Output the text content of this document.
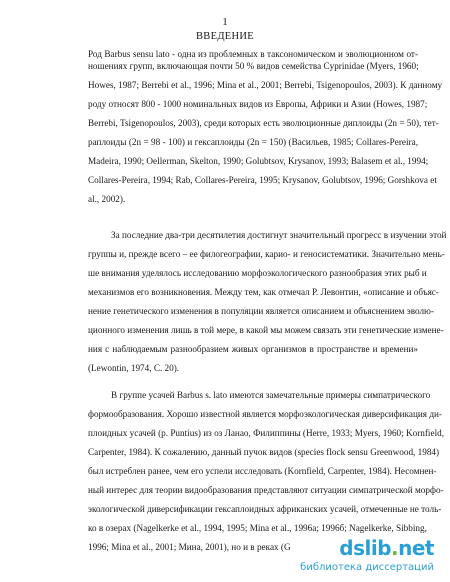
1
ВВЕДЕНИЕ
Род Barbus sensu lato - одна из проблемных в таксономическом и эволюционном от-
ношениях групп, включающая почти 50 % видов семейства Cyprinidae (Myers, 1960;
Howes, 1987; Berrebi et al., 1996; Mina et al., 2001; Berrebi, Tsigenopoulos, 2003). К данному
роду относят 800 - 1000 номинальных видов из Европы, Африки и Азии (Howes, 1987;
Berrebi, Tsigenopoulos, 2003), среди которых есть эволюционные диплоиды (2n = 50), тет-
раплоиды (2n = 98 - 100) и гексаплоиды (2n = 150) (Васильев, 1985; Collares-Pereira,
Madeira, 1990; Oellerman, Skelton, 1990; Golubtsov, Krysanov, 1993; Balasem et al., 1994;
Collares-Pereira, 1994; Rab, Collares-Pereira, 1995; Krysanov, Golubtsov, 1996; Gorshkova et
al., 2002).
За последние два-три десятилетия достигнут значительный прогресс в изучении этой
группы и, прежде всего – ее филогеографии, карио- и геносистематики. Значительно мень-
ше внимания уделялось исследованию морфоэкологического разнообразия этих рыб и
механизмов его возникновения. Между тем, как отмечал Р. Левонтин, «описание и объяс-
нение генетического изменения в популяции является описанием и объяснением эволю-
ционного изменения лишь в той мере, в какой мы можем связать эти генетические измене-
ния с наблюдаемым разнообразием живых организмов в пространстве и времени»
(Lewontin, 1974, С. 20).
В группе усачей Barbus s. lato имеются замечательные примеры симпатрического
формообразования. Хорошо известной является морфоэкологическая диверсификация ди-
плоидных усачей (р. Puntius) из оз Ланао, Филиппины (Herre, 1933; Myers, 1960; Kornfield,
Carpenter, 1984). К сожалению, данный пучок видов (species flock sensu Greenwood, 1984)
был истреблен ранее, чем его успели исследовать (Kornfield, Carpenter, 1984). Несомнен-
ный интерес для теории видообразования представляют ситуации симпатрической морфо-
экологической диверсификации гексаплоидных африканских усачей, отмеченные не толь-
ко в озерах (Nagelkerke et al., 1994, 1995; Mina et al., 1996a; 1996б; Nagelkerke, Sibbing,
1996; Mina et al., 2001; Мина, 2001), но и в реках (G	dslib.net
библиотека диссертаций
